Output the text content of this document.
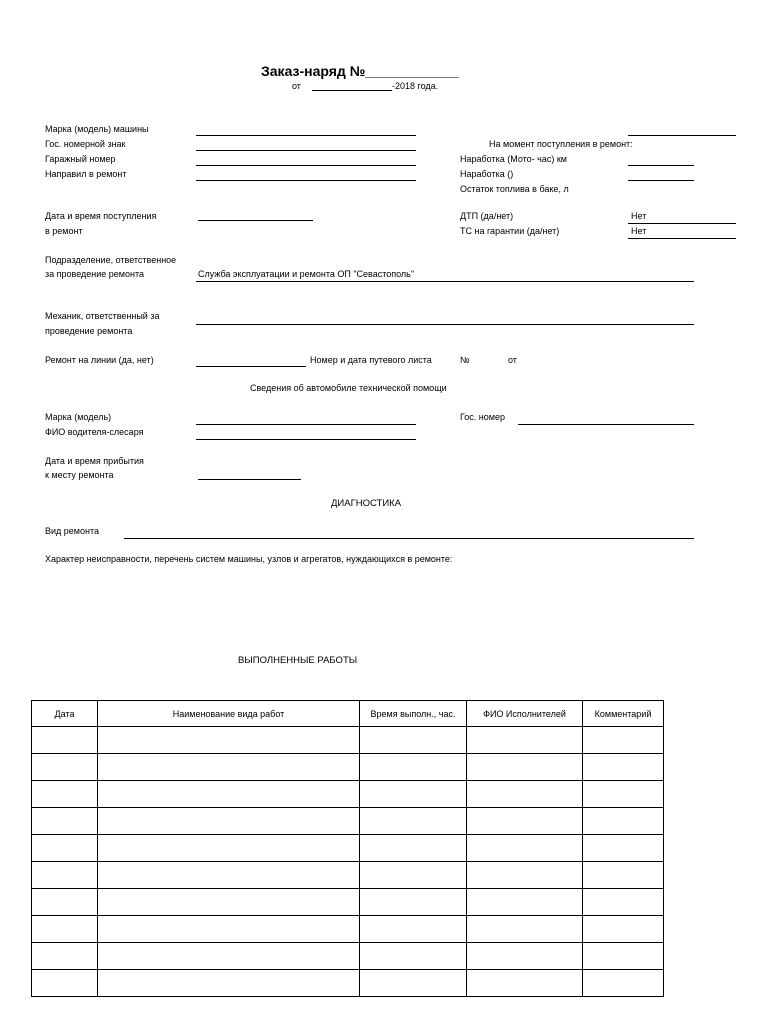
Заказ-наряд №____________
от	-2018 года.
Марка (модель) машины
Гос. номерной знак
Гаражный номер
Направил в ремонт
На момент поступления в ремонт:
Наработка (Мото- час) км
Наработка ()
Остаток топлива в баке, л
Дата и время поступления
в ремонт
ДТП (да/нет)	Нет
ТС на гарантии (да/нет)	Нет
Подразделение, ответственное
за проведение ремонта	Служба эксплуатации и ремонта ОП "Севастополь"
Механик, ответственный за
проведение ремонта
Ремонт на линии (да, нет)	Номер и дата путевого листа	№	от
Сведения об автомобиле технической помощи
Марка (модель)	Гос. номер
ФИО водителя-слесаря
Дата и время прибытия
к месту ремонта
ДИАГНОСТИКА
Вид ремонта
Характер неисправности, перечень систем машины, узлов и агрегатов, нуждающихся в ремонте:
ВЫПОЛНЕННЫЕ РАБОТЫ
Дата	Наименование вида работ	Время выполн., час.	ФИО Исполнителей	Комментарий
